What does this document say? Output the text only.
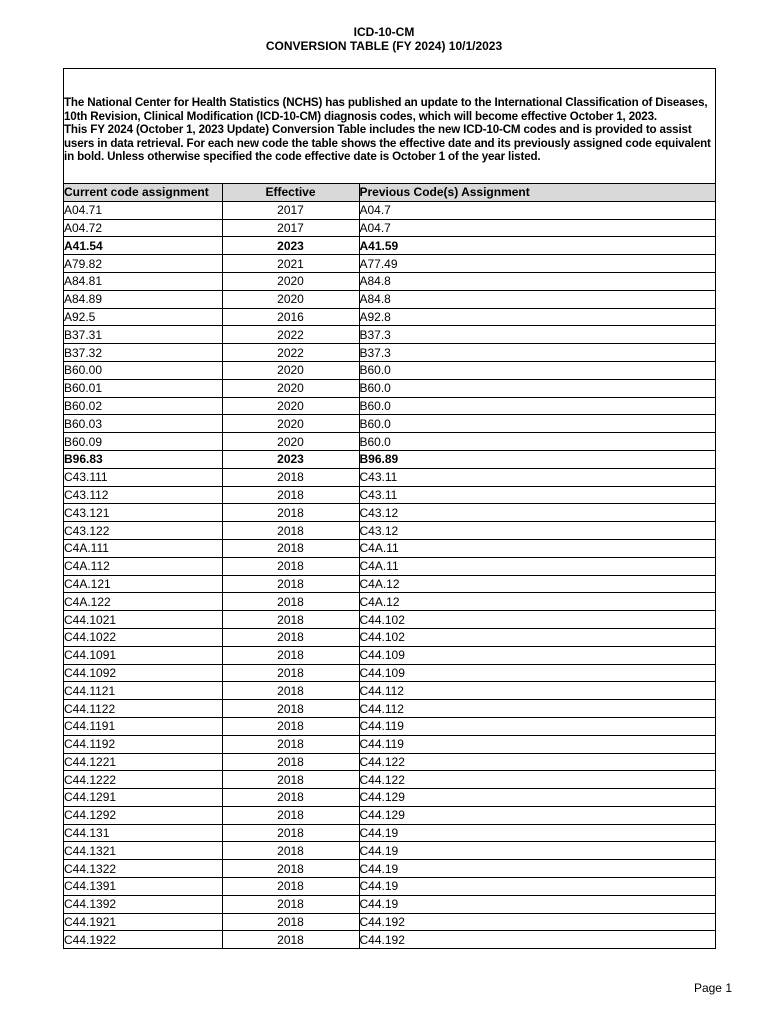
ICD-10-CM
CONVERSION TABLE (FY 2024) 10/1/2023

The National Center for Health Statistics (NCHS) has published an update to the International Classification of Diseases, 10th Revision, Clinical Modification (ICD-10-CM) diagnosis codes, which will become effective October 1, 2023.

This FY 2024 (October 1, 2023 Update) Conversion Table includes the new ICD-10-CM codes and is provided to assist users in data retrieval. For each new code the table shows the effective date and its previously assigned code equivalent in bold. Unless otherwise specified the code effective date is October 1 of the year listed.

Current code assignment	Effective	Previous Code(s) Assignment
A04.71	2017	A04.7
A04.72	2017	A04.7
A41.54	2023	A41.59
A79.82	2021	A77.49
A84.81	2020	A84.8
A84.89	2020	A84.8
A92.5	2016	A92.8
B37.31	2022	B37.3
B37.32	2022	B37.3
B60.00	2020	B60.0
B60.01	2020	B60.0
B60.02	2020	B60.0
B60.03	2020	B60.0
B60.09	2020	B60.0
B96.83	2023	B96.89
C43.111	2018	C43.11
C43.112	2018	C43.11
C43.121	2018	C43.12
C43.122	2018	C43.12
C4A.111	2018	C4A.11
C4A.112	2018	C4A.11
C4A.121	2018	C4A.12
C4A.122	2018	C4A.12
C44.1021	2018	C44.102
C44.1022	2018	C44.102
C44.1091	2018	C44.109
C44.1092	2018	C44.109
C44.1121	2018	C44.112
C44.1122	2018	C44.112
C44.1191	2018	C44.119
C44.1192	2018	C44.119
C44.1221	2018	C44.122
C44.1222	2018	C44.122
C44.1291	2018	C44.129
C44.1292	2018	C44.129
C44.131	2018	C44.19
C44.1321	2018	C44.19
C44.1322	2018	C44.19
C44.1391	2018	C44.19
C44.1392	2018	C44.19
C44.1921	2018	C44.192
C44.1922	2018	C44.192
Page 1
